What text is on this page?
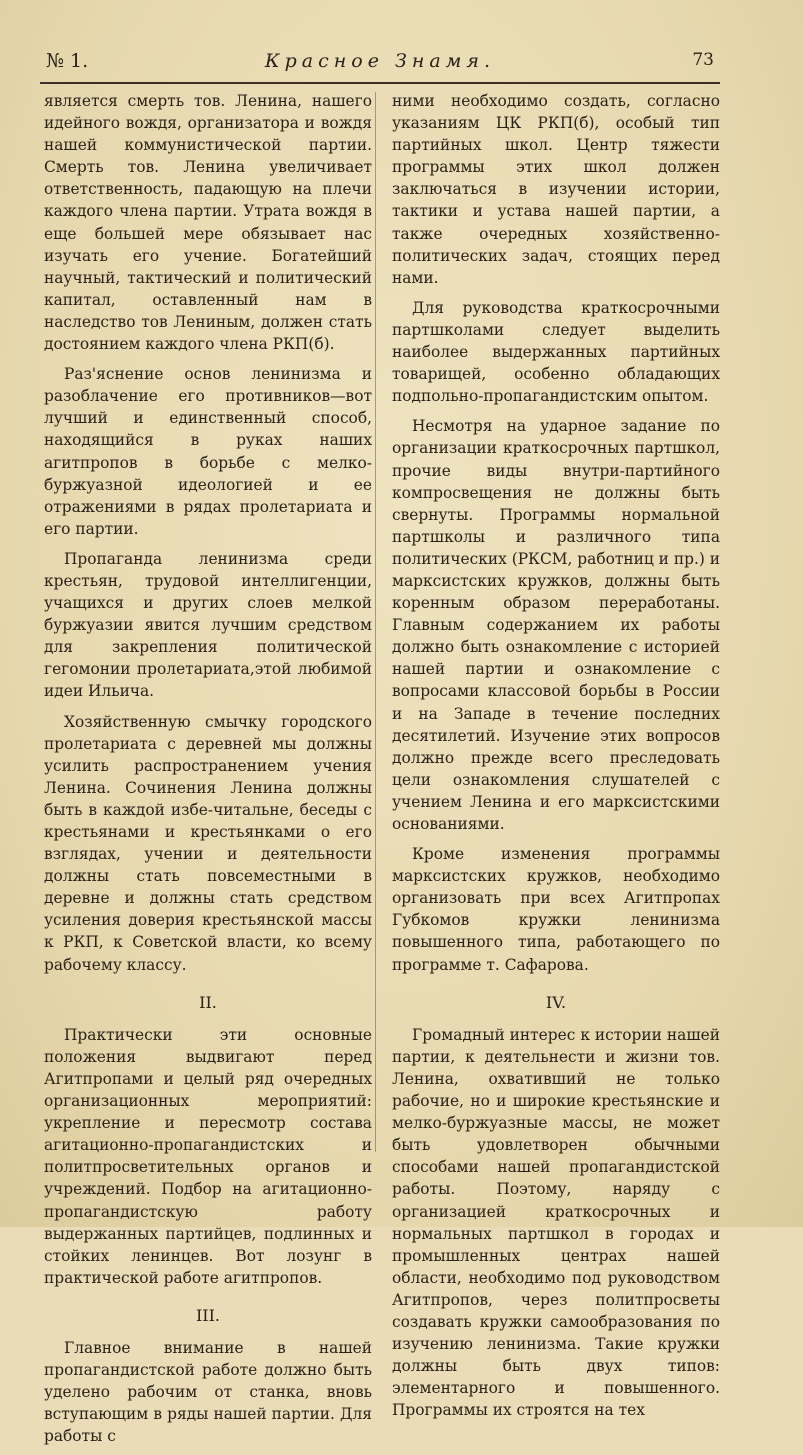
№ 1.	Красное Знамя.	73

является смерть тов. Ленина, нашего идейного вождя, организатора и вождя нашей коммунистической партии. Смерть тов. Ленина увеличивает ответственность, падающую на плечи каждого члена партии. Утрата вождя в еще большей мере обязывает нас изучать его учение. Богатейший научный, тактический и политический капитал, оставленный нам в наследство тов Лениным, должен стать достоянием каждого члена РКП(б).

Раз'яснение основ ленинизма и разоблачение его противников—вот лучший и единственный способ, находящийся в руках наших агитпропов в борьбе с мелко-буржуазной идеологией и ее отражениями в рядах пролетариата и его партии.

Пропаганда ленинизма среди крестьян, трудовой интеллигенции, учащихся и других слоев мелкой буржуазии явится лучшим средством для закрепления политической гегомонии пролетариата,этой любимой идеи Ильича.

Хозяйственную смычку городского пролетариата с деревней мы должны усилить распространением учения Ленина. Сочинения Ленина должны быть в каждой избе-читальне, беседы с крестьянами и крестьянками о его взглядах, учении и деятельности должны стать повсеместными в деревне и должны стать средством усиления доверия крестьянской массы к РКП, к Советской власти, ко всему рабочему классу.

II.

Практически эти основные положения выдвигают перед Агитпропами и целый ряд очередных организационных мероприятий: укрепление и пересмотр состава агитационно-пропагандистских и политпросветительных органов и учреждений. Подбор на агитационно-пропагандистскую работу выдержанных партийцев, подлинных и стойких ленинцев. Вот лозунг в практической работе агитпропов.

III.

Главное внимание в нашей пропагандистской работе должно быть уделено рабочим от станка, вновь вступающим в ряды нашей партии. Для работы с

ними необходимо создать, согласно указаниям ЦК РКП(б), особый тип партийных школ. Центр тяжести программы этих школ должен заключаться в изучении истории, тактики и устава нашей партии, а также очередных хозяйственно-политических задач, стоящих перед нами.

Для руководства краткосрочными партшколами следует выделить наиболее выдержанных партийных товарищей, особенно обладающих подпольно-пропагандистским опытом.

Несмотря на ударное задание по организации краткосрочных партшкол, прочие виды внутри-партийного компросвещения не должны быть свернуты. Программы нормальной партшколы и различного типа политических (РКСМ, работниц и пр.) и марксистских кружков, должны быть коренным образом переработаны. Главным содержанием их работы должно быть ознакомление с историей нашей партии и ознакомление с вопросами классовой борьбы в России и на Западе в течение последних десятилетий. Изучение этих вопросов должно прежде всего преследовать цели ознакомления слушателей с учением Ленина и его марксистскими основаниями.

Кроме изменения программы марксистских кружков, необходимо организовать при всех Агитпропах Губкомов кружки ленинизма повышенного типа, работающего по программе т. Сафарова.

IV.

Громадный интерес к истории нашей партии, к деятельнести и жизни тов. Ленина, охвативший не только рабочие, но и широкие крестьянские и мелко-буржуазные массы, не может быть удовлетворен обычными способами нашей пропагандистской работы. Поэтому, наряду с организацией краткосрочных и нормальных партшкол в городах и промышленных центрах нашей области, необходимо под руководством Агитпропов, через политпросветы создавать кружки самообразования по изучению ленинизма. Такие кружки должны быть двух типов: элементарного и повышенного. Программы их строятся на тех
